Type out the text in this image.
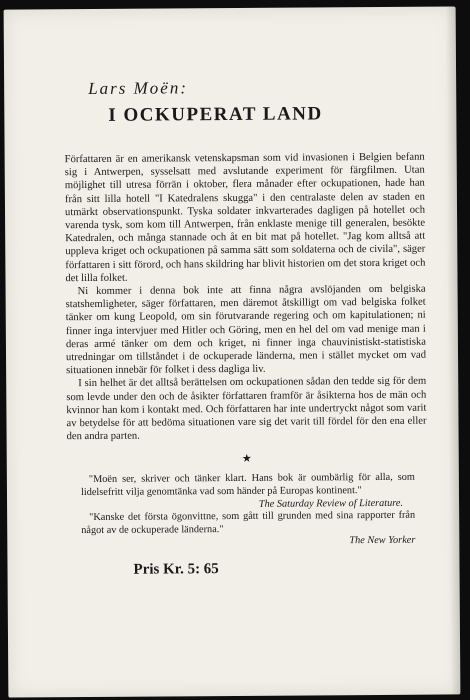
Lars Moën:
I OCKUPERAT LAND

Författaren är en amerikansk vetenskapsman som vid invasionen i Belgien befann sig i Antwerpen, sysselsatt med avslutande experiment för färgfilmen. Utan möjlighet till utresa förrän i oktober, flera månader efter ockupationen, hade han från sitt lilla hotell "I Katedralens skugga" i den centralaste delen av staden en utmärkt observationspunkt. Tyska soldater inkvarterades dagligen på hotellet och varenda tysk, som kom till Antwerpen, från enklaste menige till generalen, besökte Katedralen, och många stannade och åt en bit mat på hotellet. "Jag kom alltså att uppleva kriget och ockupationen på samma sätt som soldaterna och de civila", säger författaren i sitt förord, och hans skildring har blivit historien om det stora kriget och det lilla folket.

Ni kommer i denna bok inte att finna några avslöjanden om belgiska statshemligheter, säger författaren, men däremot åtskilligt om vad belgiska folket tänker om kung Leopold, om sin förutvarande regering och om kapitulationen; ni finner inga intervjuer med Hitler och Göring, men en hel del om vad menige man i deras armé tänker om dem och kriget, ni finner inga chauvinistiskt-statistiska utredningar om tillståndet i de ockuperade länderna, men i stället mycket om vad situationen innebär för folket i dess dagliga liv.

I sin helhet är det alltså berättelsen om ockupationen sådan den tedde sig för dem som levde under den och de åsikter författaren framför är åsikterna hos de män och kvinnor han kom i kontakt med. Och författaren har inte undertryckt något som varit av betydelse för att bedöma situationen vare sig det varit till fördel för den ena eller den andra parten.

★

"Moën ser, skriver och tänker klart. Hans bok är oumbärlig för alla, som lidelsefritt vilja genomtänka vad som händer på Europas kontinent."
The Saturday Review of Literature.

"Kanske det första ögonvittne, som gått till grunden med sina rapporter från något av de ockuperade länderna."

The New Yorker
Pris Kr. 5: 65
